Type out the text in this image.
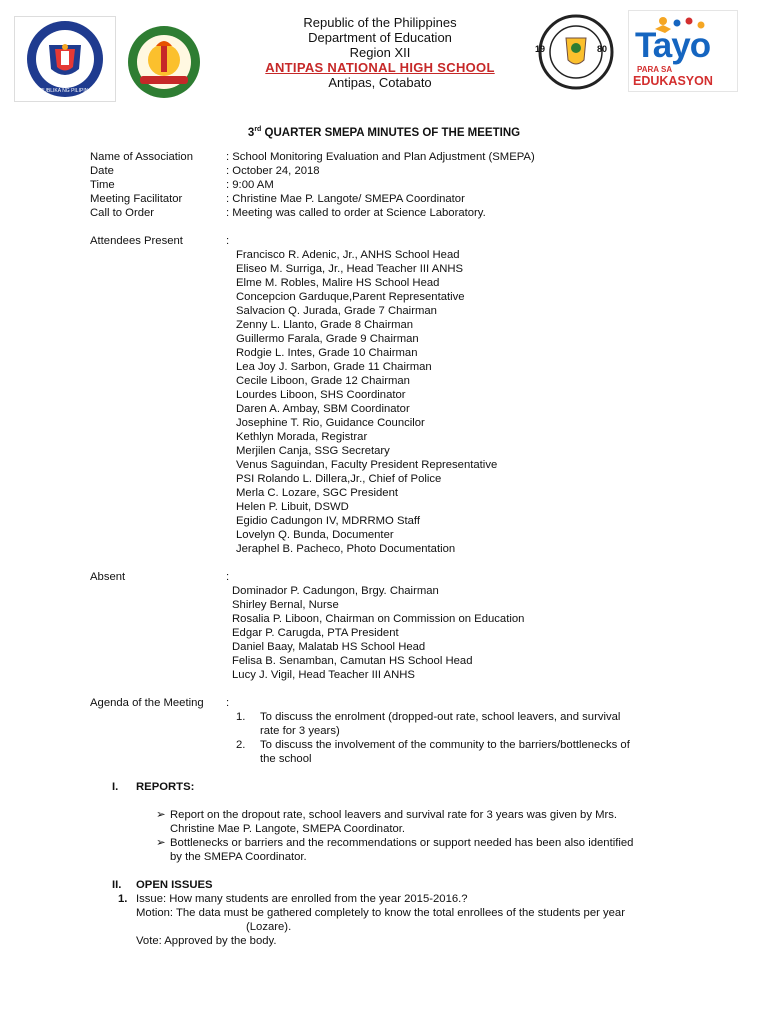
REPUBLIKA NG PILIPINAS
19	80 Tayo
PARA SA
EDUKASYON
Republic of the Philippines
Department of Education
Region XII
ANTIPAS NATIONAL HIGH SCHOOL
Antipas, Cotabato
3rd QUARTER SMEPA MINUTES OF THE MEETING
Name of Association	: School Monitoring Evaluation and Plan Adjustment (SMEPA)
Date	: October 24, 2018
Time	: 9:00 AM
Meeting Facilitator	: Christine Mae P. Langote/ SMEPA Coordinator
Call to Order	: Meeting was called to order at Science Laboratory.
Attendees Present	:
Francisco R. Adenic, Jr., ANHS School Head
Eliseo M. Surriga, Jr., Head Teacher III ANHS
Elme M. Robles, Malire HS School Head
Concepcion Garduque,Parent Representative
Salvacion Q. Jurada, Grade 7 Chairman
Zenny L. Llanto, Grade 8 Chairman
Guillermo Farala, Grade 9 Chairman
Rodgie L. Intes, Grade 10 Chairman
Lea Joy J. Sarbon, Grade 11 Chairman
Cecile Liboon, Grade 12 Chairman
Lourdes Liboon, SHS Coordinator
Daren A. Ambay, SBM Coordinator
Josephine T. Rio, Guidance Councilor
Kethlyn Morada, Registrar
Merjilen Canja, SSG Secretary
Venus Saguindan, Faculty President Representative
PSI Rolando L. Dillera,Jr., Chief of Police
Merla C. Lozare, SGC President
Helen P. Libuit, DSWD
Egidio Cadungon IV, MDRRMO Staff
Lovelyn Q. Bunda, Documenter
Jeraphel B. Pacheco, Photo Documentation
Absent	:
Dominador P. Cadungon, Brgy. Chairman
Shirley Bernal, Nurse
Rosalia P. Liboon, Chairman on Commission on Education
Edgar P. Carugda, PTA President
Daniel Baay, Malatab HS School Head
Felisa B. Senamban, Camutan HS School Head
Lucy J. Vigil, Head Teacher III ANHS
Agenda of the Meeting :
1. To discuss the enrolment (dropped-out rate, school leavers, and survival
rate for 3 years)
2. To discuss the involvement of the community to the barriers/bottlenecks of
the school
I. REPORTS:
➢ Report on the dropout rate, school leavers and survival rate for 3 years was given by Mrs.
Christine Mae P. Langote, SMEPA Coordinator.
➢ Bottlenecks or barriers and the recommendations or support needed has been also identified
by the SMEPA Coordinator.
II. OPEN ISSUES
1. Issue: How many students are enrolled from the year 2015-2016.?
Motion: The data must be gathered completely to know the total enrollees of the students per year
(Lozare).
Vote: Approved by the body.
